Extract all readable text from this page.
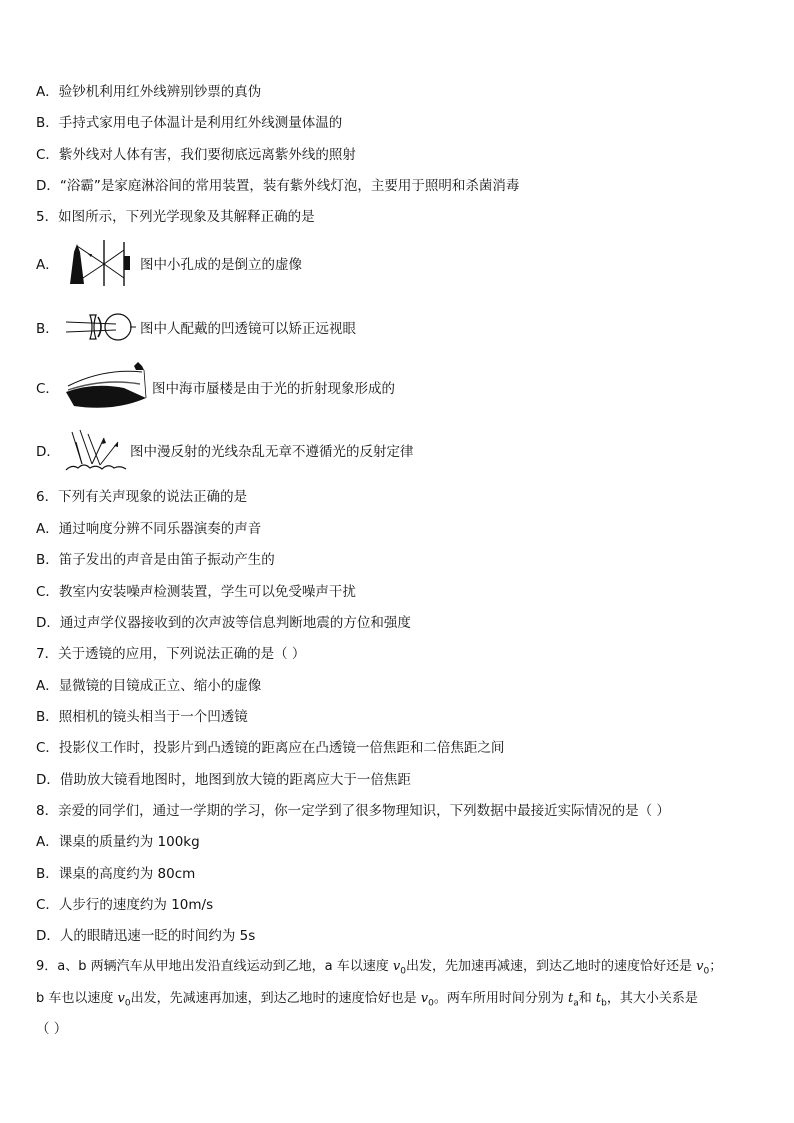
A．验钞机利用红外线辨别钞票的真伪
B．手持式家用电子体温计是利用红外线测量体温的
C．紫外线对人体有害，我们要彻底远离紫外线的照射
D．“浴霸”是家庭淋浴间的常用装置，装有紫外线灯泡，主要用于照明和杀菌消毒
5．如图所示，下列光学现象及其解释正确的是
A．	图中小孔成的是倒立的虚像
B．	图中人配戴的凹透镜可以矫正远视眼
C．	图中海市蜃楼是由于光的折射现象形成的
D．	图中漫反射的光线杂乱无章不遵循光的反射定律
6．下列有关声现象的说法正确的是
A．通过响度分辨不同乐器演奏的声音
B．笛子发出的声音是由笛子振动产生的
C．教室内安装噪声检测装置，学生可以免受噪声干扰
D．通过声学仪器接收到的次声波等信息判断地震的方位和强度
7．关于透镜的应用，下列说法正确的是（ ）
A．显微镜的目镜成正立、缩小的虚像
B．照相机的镜头相当于一个凹透镜
C．投影仪工作时，投影片到凸透镜的距离应在凸透镜一倍焦距和二倍焦距之间
D．借助放大镜看地图时，地图到放大镜的距离应大于一倍焦距
8．亲爱的同学们，通过一学期的学习，你一定学到了很多物理知识，下列数据中最接近实际情况的是（ ）
A．课桌的质量约为 100kg
B．课桌的高度约为 80cm
C．人步行的速度约为 10m/s
D．人的眼睛迅速一眨的时间约为 5s
9．a、b 两辆汽车从甲地出发沿直线运动到乙地，a 车以速度 $v_0$出发，先加速再减速，到达乙地时的速度恰好还是 $v_0$；
b 车也以速度 $v_0$出发，先减速再加速，到达乙地时的速度恰好也是 $v_0$。两车所用时间分别为 $t_a$和 $t_b$，其大小关系是
（ ）
